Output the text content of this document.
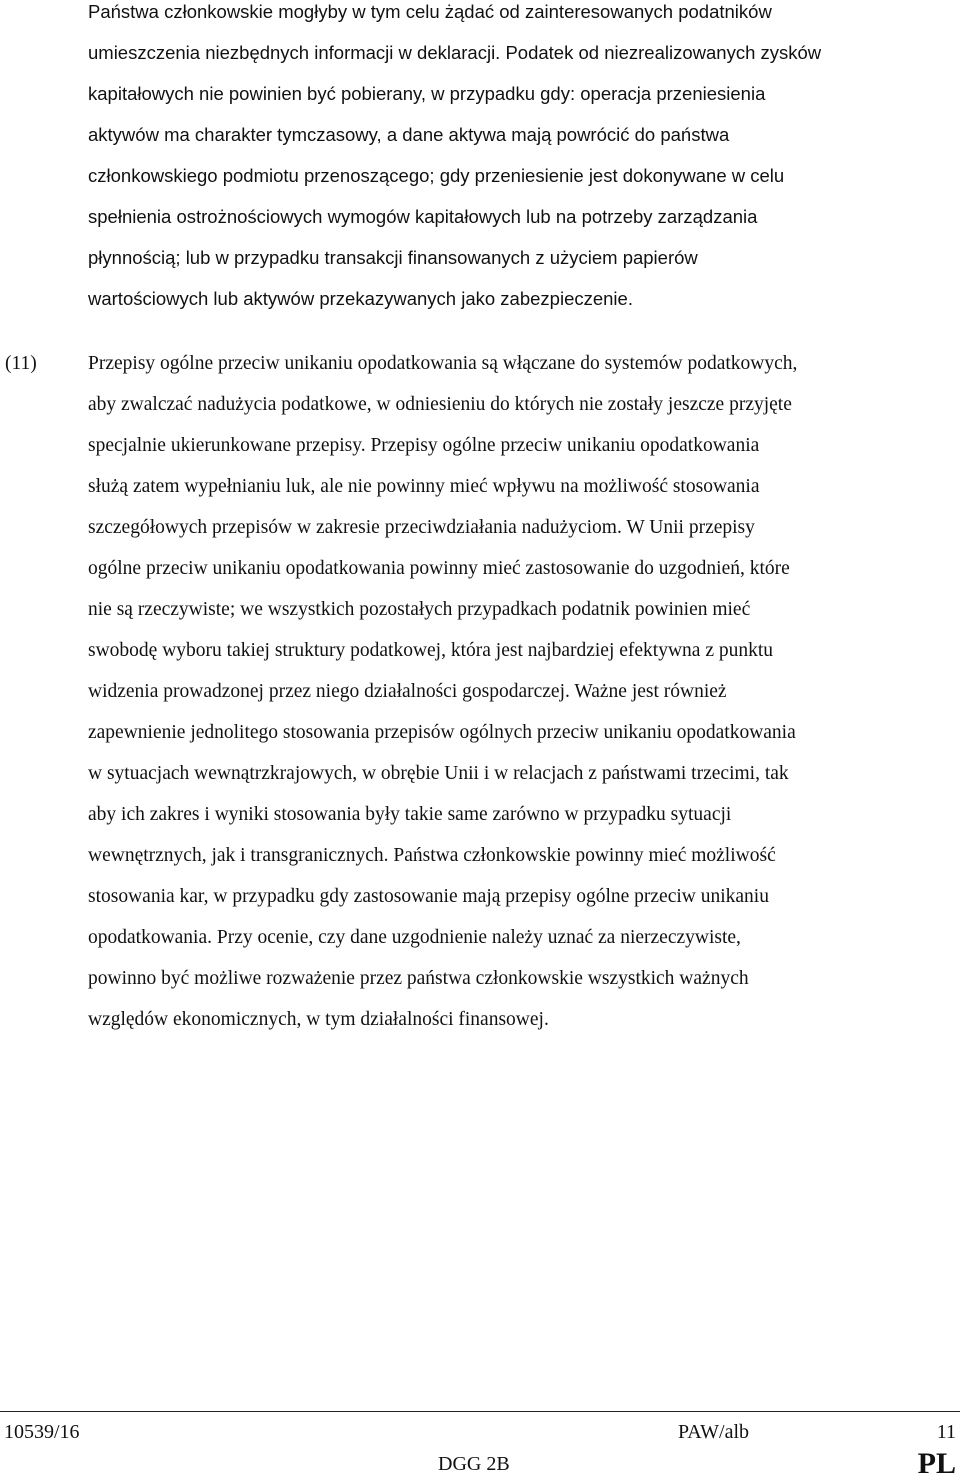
Państwa członkowskie mogłyby w tym celu żądać od zainteresowanych podatników
umieszczenia niezbędnych informacji w deklaracji. Podatek od niezrealizowanych zysków
kapitałowych nie powinien być pobierany, w przypadku gdy: operacja przeniesienia
aktywów ma charakter tymczasowy, a dane aktywa mają powrócić do państwa
członkowskiego podmiotu przenoszącego; gdy przeniesienie jest dokonywane w celu
spełnienia ostrożnościowych wymogów kapitałowych lub na potrzeby zarządzania
płynnością; lub w przypadku transakcji finansowanych z użyciem papierów
wartościowych lub aktywów przekazywanych jako zabezpieczenie.
(11)	Przepisy ogólne przeciw unikaniu opodatkowania są włączane do systemów podatkowych,
aby zwalczać nadużycia podatkowe, w odniesieniu do których nie zostały jeszcze przyjęte
specjalnie ukierunkowane przepisy. Przepisy ogólne przeciw unikaniu opodatkowania
służą zatem wypełnianiu luk, ale nie powinny mieć wpływu na możliwość stosowania
szczegółowych przepisów w zakresie przeciwdziałania nadużyciom. W Unii przepisy
ogólne przeciw unikaniu opodatkowania powinny mieć zastosowanie do uzgodnień, które
nie są rzeczywiste; we wszystkich pozostałych przypadkach podatnik powinien mieć
swobodę wyboru takiej struktury podatkowej, która jest najbardziej efektywna z punktu
widzenia prowadzonej przez niego działalności gospodarczej. Ważne jest również
zapewnienie jednolitego stosowania przepisów ogólnych przeciw unikaniu opodatkowania
w sytuacjach wewnątrzkrajowych, w obrębie Unii i w relacjach z państwami trzecimi, tak
aby ich zakres i wyniki stosowania były takie same zarówno w przypadku sytuacji
wewnętrznych, jak i transgranicznych. Państwa członkowskie powinny mieć możliwość
stosowania kar, w przypadku gdy zastosowanie mają przepisy ogólne przeciw unikaniu
opodatkowania. Przy ocenie, czy dane uzgodnienie należy uznać za nierzeczywiste,
powinno być możliwe rozważenie przez państwa członkowskie wszystkich ważnych
względów ekonomicznych, w tym działalności finansowej.
10539/16	PAW/alb	11
DGG 2B	PL
